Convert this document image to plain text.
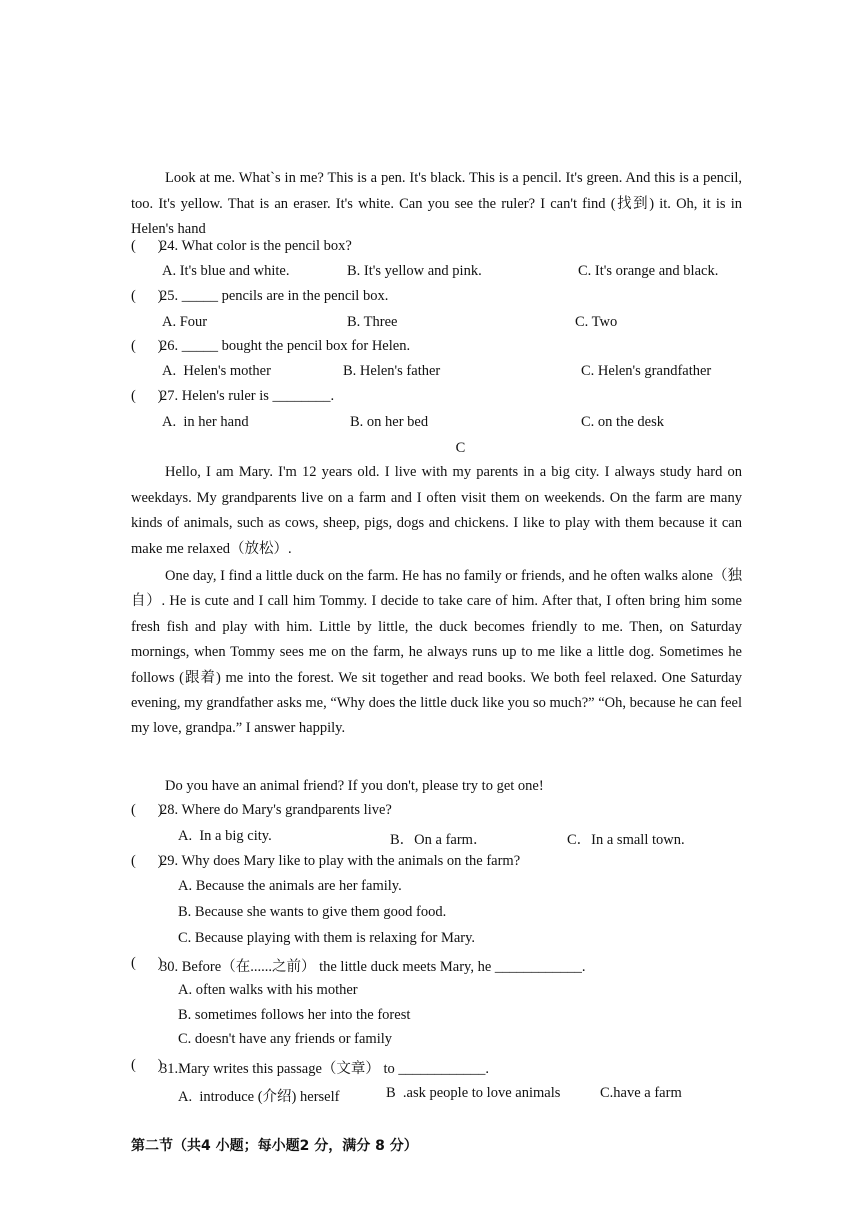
Look at me. What`s in me? This is a pen. It's black. This is a pencil. It's green. And this is a pencil, too. It's yellow. That is an eraser. It's white. Can you see the ruler? I can't find (找到) it. Oh, it is in Helen's hand
(      )
24. What color is the pencil box?
A. It's blue and white.	B. It's yellow and pink.	C. It's orange and black.
(      )
25. _____ pencils are in the pencil box.
A. Four	B. Three	C. Two
(      )
26. _____ bought the pencil box for Helen.
A.  Helen's mother	B. Helen's father	C. Helen's grandfather
(      )
27. Helen's ruler is ________.
A.  in her hand	B. on her bed	C. on the desk
C
Hello, I am Mary. I'm 12 years old. I live with my parents in a big city. I always study hard on weekdays. My grandparents live on a farm and I often visit them on weekends. On the farm are many kinds of animals, such as cows, sheep, pigs, dogs and chickens. I like to play with them because it can make me relaxed（放松）.
One day, I find a little duck on the farm. He has no family or friends, and he often walks alone（独自）. He is cute and I call him Tommy. I decide to take care of him. After that, I often bring him some fresh fish and play with him. Little by little, the duck becomes friendly to me. Then, on Saturday mornings, when Tommy sees me on the farm, he always runs up to me like a little dog. Sometimes he follows (跟着) me into the forest. We sit together and read books. We both feel relaxed. One Saturday evening, my grandfather asks me, “Why does the little duck like you so much?” “Oh, because he can feel my love, grandpa.” I answer happily.
Do you have an animal friend? If you don't, please try to get one!
(      )
28. Where do Mary's grandparents live?
A.  In a big city.	B．On a farm．	C．In a small town.
(      )
29. Why does Mary like to play with the animals on the farm?
A. Because the animals are her family.
B. Because she wants to give them good food.
C. Because playing with them is relaxing for Mary.
(      )
30. Before（在......之前） the little duck meets Mary, he ____________.
A. often walks with his mother
B. sometimes follows her into the forest
C. doesn't have any friends or family
(      )
31.Mary writes this passage（文章） to ____________.
A.  introduce (介绍) herself	B  .ask people to love animals	C.have a farm
第二节（共4 小题；每小题2 分，满分 8 分）
